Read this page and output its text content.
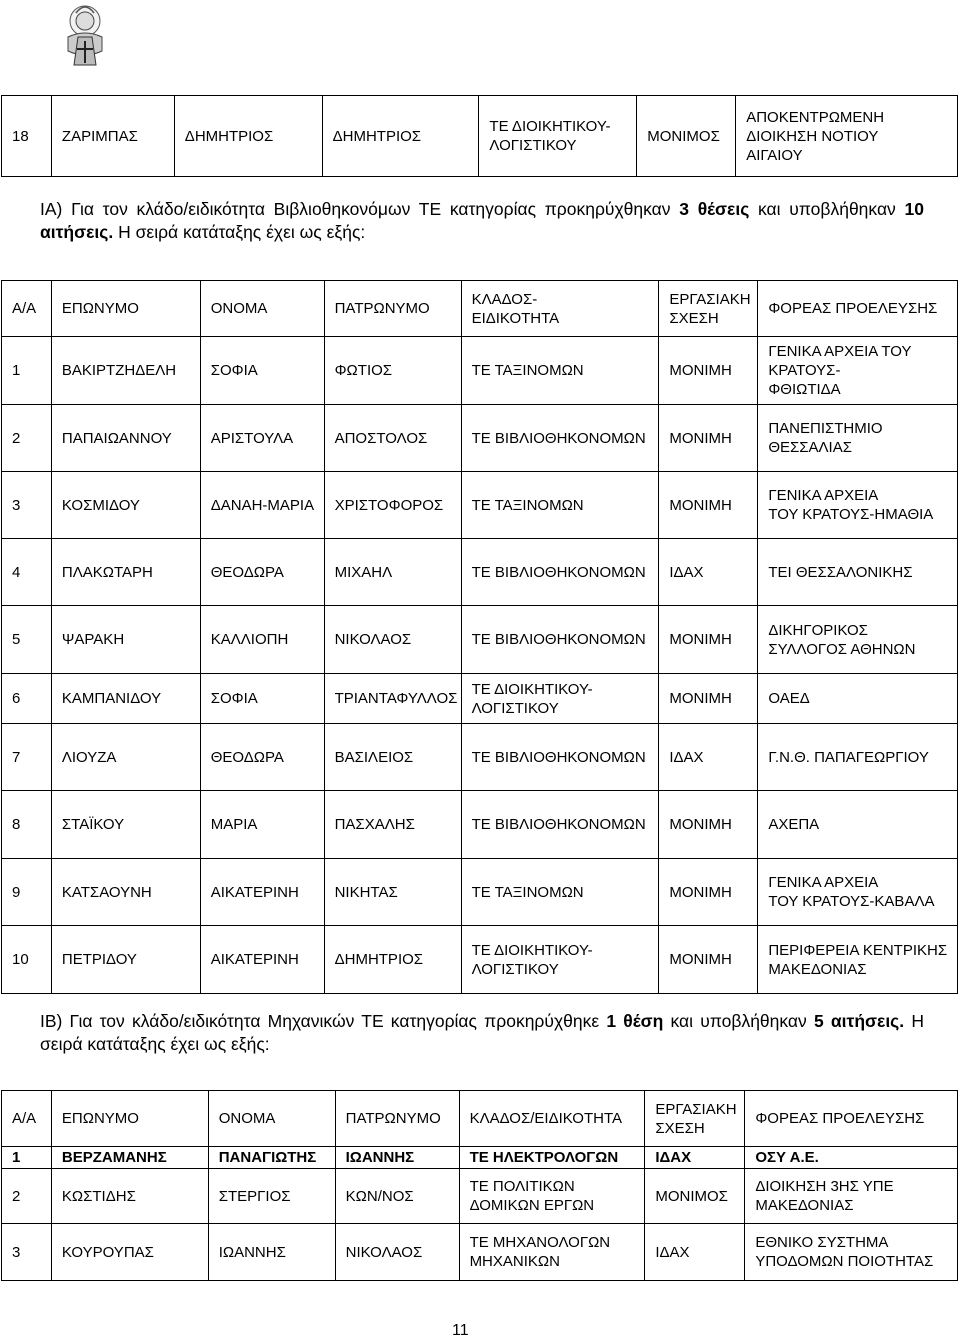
18	ΖΑΡΙΜΠΑΣ	ΔΗΜΗΤΡΙΟΣ	ΔΗΜΗΤΡΙΟΣ	ΤΕ ΔΙΟΙΚΗΤΙΚΟΥ-
ΛΟΓΙΣΤΙΚΟΥ	ΜΟΝΙΜΟΣ	ΑΠΟΚΕΝΤΡΩΜΕΝΗ
ΔΙΟΙΚΗΣΗ ΝΟΤΙΟΥ
ΑΙΓΑΙΟΥ
ΙΑ) Για τον κλάδο/ειδικότητα Βιβλιοθηκονόμων ΤΕ κατηγορίας προκηρύχθηκαν 3 θέσεις και υποβλήθηκαν 10 αιτήσεις. Η σειρά κατάταξης έχει ως εξής:
Α/Α	ΕΠΩΝΥΜΟ	ΟΝΟΜΑ	ΠΑΤΡΩΝΥΜΟ	ΚΛΑΔΟΣ-
ΕΙΔΙΚΟΤΗΤΑ	ΕΡΓΑΣΙΑΚΗ
ΣΧΕΣΗ	ΦΟΡΕΑΣ ΠΡΟΕΛΕΥΣΗΣ
1	ΒΑΚΙΡΤΖΗΔΕΛΗ	ΣΟΦΙΑ	ΦΩΤΙΟΣ	ΤΕ ΤΑΞΙΝΟΜΩΝ	ΜΟΝΙΜΗ	ΓΕΝΙΚΑ ΑΡΧΕΙΑ ΤΟΥ
ΚΡΑΤΟΥΣ-
ΦΘΙΩΤΙΔΑ
2	ΠΑΠΑΙΩΑΝΝΟΥ	ΑΡΙΣΤΟΥΛΑ	ΑΠΟΣΤΟΛΟΣ	ΤΕ ΒΙΒΛΙΟΘΗΚΟΝΟΜΩΝ	ΜΟΝΙΜΗ	ΠΑΝΕΠΙΣΤΗΜΙΟ
ΘΕΣΣΑΛΙΑΣ
3	ΚΟΣΜΙΔΟΥ	ΔΑΝΑΗ-ΜΑΡΙΑ	ΧΡΙΣΤΟΦΟΡΟΣ	ΤΕ ΤΑΞΙΝΟΜΩΝ	ΜΟΝΙΜΗ	ΓΕΝΙΚΑ ΑΡΧΕΙΑ
ΤΟΥ ΚΡΑΤΟΥΣ-ΗΜΑΘΙΑ
4	ΠΛΑΚΩΤΑΡΗ	ΘΕΟΔΩΡΑ	ΜΙΧΑΗΛ	ΤΕ ΒΙΒΛΙΟΘΗΚΟΝΟΜΩΝ	ΙΔΑΧ	ΤΕΙ ΘΕΣΣΑΛΟΝΙΚΗΣ
5	ΨΑΡΑΚΗ	ΚΑΛΛΙΟΠΗ	ΝΙΚΟΛΑΟΣ	ΤΕ ΒΙΒΛΙΟΘΗΚΟΝΟΜΩΝ	ΜΟΝΙΜΗ	ΔΙΚΗΓΟΡΙΚΟΣ
ΣΥΛΛΟΓΟΣ ΑΘΗΝΩΝ
6	ΚΑΜΠΑΝΙΔΟΥ	ΣΟΦΙΑ	ΤΡΙΑΝΤΑΦΥΛΛΟΣ	ΤΕ ΔΙΟΙΚΗΤΙΚΟΥ-
ΛΟΓΙΣΤΙΚΟΥ	ΜΟΝΙΜΗ	ΟΑΕΔ
7	ΛΙΟΥΖΑ	ΘΕΟΔΩΡΑ	ΒΑΣΙΛΕΙΟΣ	ΤΕ ΒΙΒΛΙΟΘΗΚΟΝΟΜΩΝ	ΙΔΑΧ	Γ.Ν.Θ. ΠΑΠΑΓΕΩΡΓΙΟΥ
8	ΣΤΑΪΚΟΥ	ΜΑΡΙΑ	ΠΑΣΧΑΛΗΣ	ΤΕ ΒΙΒΛΙΟΘΗΚΟΝΟΜΩΝ	ΜΟΝΙΜΗ	ΑΧΕΠΑ
9	ΚΑΤΣΑΟΥΝΗ	ΑΙΚΑΤΕΡΙΝΗ	ΝΙΚΗΤΑΣ	ΤΕ ΤΑΞΙΝΟΜΩΝ	ΜΟΝΙΜΗ	ΓΕΝΙΚΑ ΑΡΧΕΙΑ
ΤΟΥ ΚΡΑΤΟΥΣ-ΚΑΒΑΛΑ
10	ΠΕΤΡΙΔΟΥ	ΑΙΚΑΤΕΡΙΝΗ	ΔΗΜΗΤΡΙΟΣ	ΤΕ ΔΙΟΙΚΗΤΙΚΟΥ-
ΛΟΓΙΣΤΙΚΟΥ	ΜΟΝΙΜΗ	ΠΕΡΙΦΕΡΕΙΑ ΚΕΝΤΡΙΚΗΣ
ΜΑΚΕΔΟΝΙΑΣ
ΙΒ) Για τον κλάδο/ειδικότητα Μηχανικών ΤΕ κατηγορίας προκηρύχθηκε 1 θέση και υποβλήθηκαν 5 αιτήσεις. Η σειρά κατάταξης έχει ως εξής:
Α/Α	ΕΠΩΝΥΜΟ	ΟΝΟΜΑ	ΠΑΤΡΩΝΥΜΟ	ΚΛΑΔΟΣ/ΕΙΔΙΚΟΤΗΤΑ	ΕΡΓΑΣΙΑΚΗ
ΣΧΕΣΗ	ΦΟΡΕΑΣ ΠΡΟΕΛΕΥΣΗΣ
1	ΒΕΡΖΑΜΑΝΗΣ	ΠΑΝΑΓΙΩΤΗΣ	ΙΩΑΝΝΗΣ	ΤΕ ΗΛΕΚΤΡΟΛΟΓΩΝ	ΙΔΑΧ	ΟΣΥ Α.Ε.
2	ΚΩΣΤΙΔΗΣ	ΣΤΕΡΓΙΟΣ	ΚΩΝ/ΝΟΣ	ΤΕ ΠΟΛΙΤΙΚΩΝ
ΔΟΜΙΚΩΝ ΕΡΓΩΝ	ΜΟΝΙΜΟΣ	ΔΙΟΙΚΗΣΗ 3ΗΣ ΥΠΕ
ΜΑΚΕΔΟΝΙΑΣ
3	ΚΟΥΡΟΥΠΑΣ	ΙΩΑΝΝΗΣ	ΝΙΚΟΛΑΟΣ	ΤΕ ΜΗΧΑΝΟΛΟΓΩΝ
ΜΗΧΑΝΙΚΩΝ	ΙΔΑΧ	ΕΘΝΙΚΟ ΣΥΣΤΗΜΑ
ΥΠΟΔΟΜΩΝ ΠΟΙΟΤΗΤΑΣ
11
